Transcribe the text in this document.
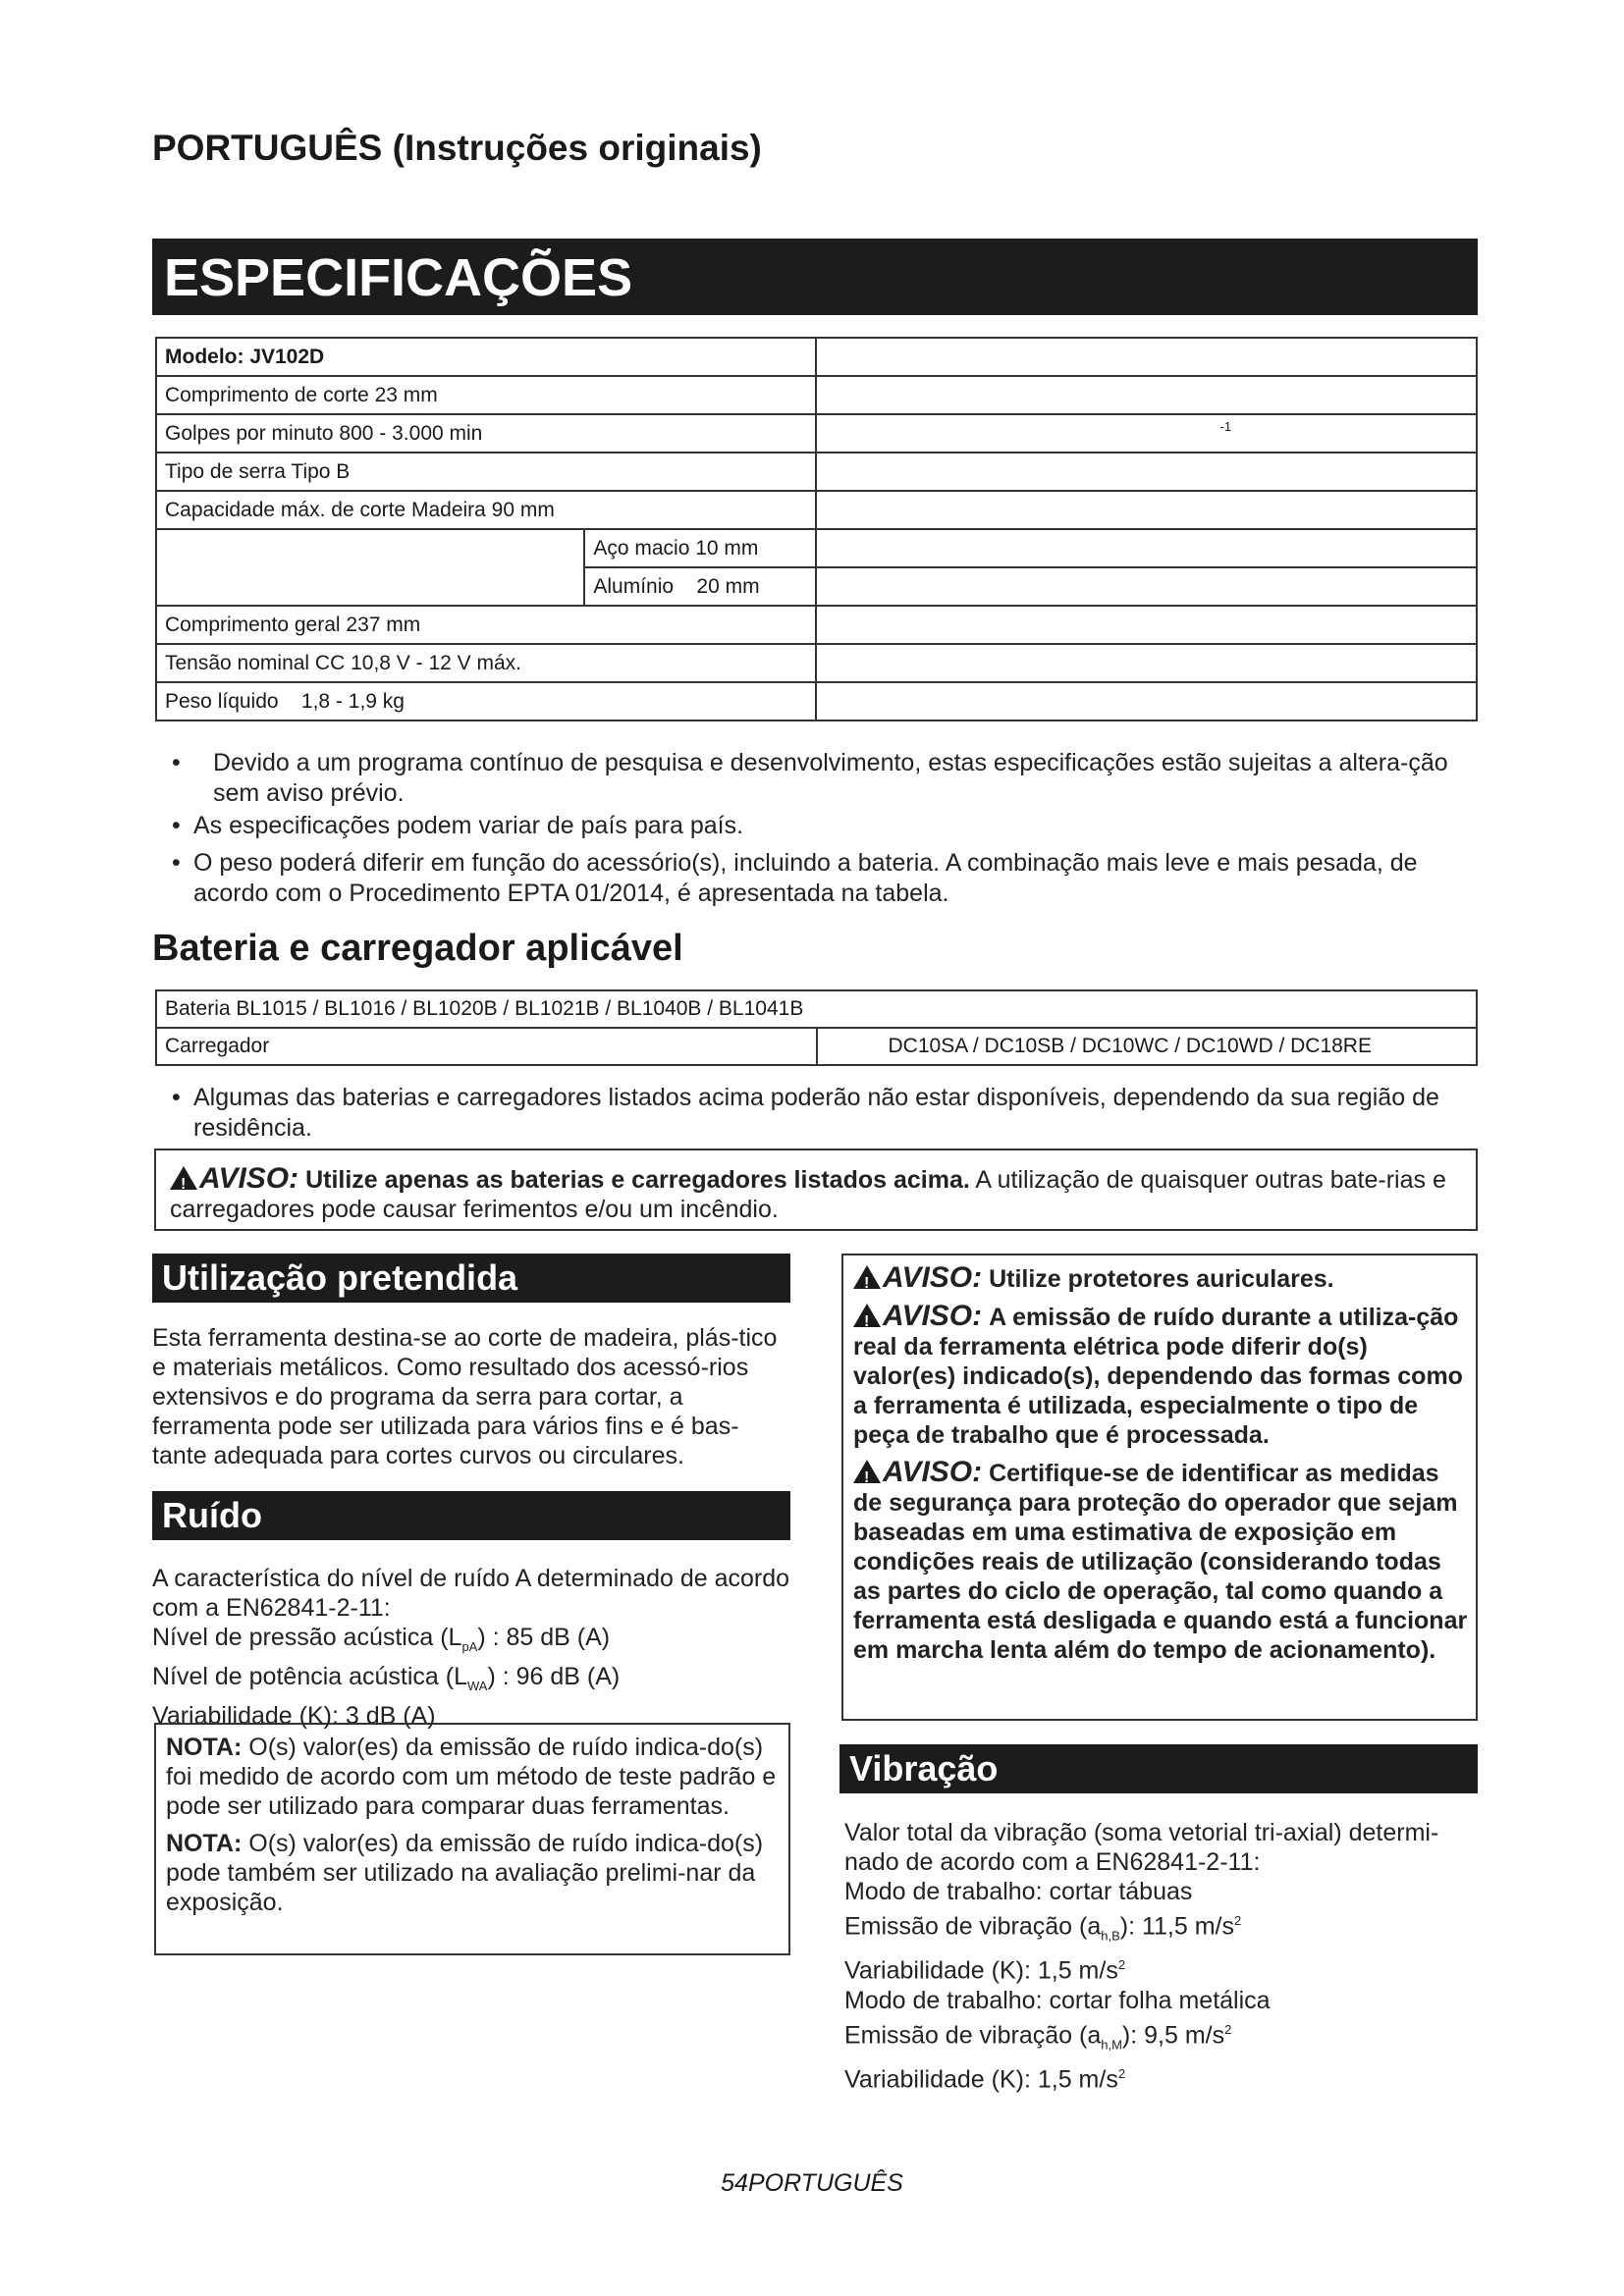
PORTUGUÊS (Instruções originais)
ESPECIFICAÇÕES
Modelo: JV102D		
Comprimento de corte 23 mm		
Golpes por minuto 800 - 3.000 min		-1

Tipo de serra Tipo B		
Capacidade máx. de corte Madeira 90 mm		
	Aço macio 10 mm	
	Alumínio    20 mm	
Comprimento geral 237 mm		
Tensão nominal CC 10,8 V - 12 V máx.		
Peso líquido    1,8 - 1,9 kg		
•	Devido a um programa contínuo de pesquisa e desenvolvimento, estas especificações estão sujeitas a altera-ção sem aviso prévio.
• As especificações podem variar de país para país.
• O peso poderá diferir em função do acessório(s), incluindo a bateria. A combinação mais leve e mais pesada, de acordo com o Procedimento EPTA 01/2014, é apresentada na tabela.
Bateria e carregador aplicável
Bateria BL1015 / BL1016 / BL1020B / BL1021B / BL1040B / BL1041B
Carregador	DC10SA / DC10SB / DC10WC / DC10WD / DC18RE
• Algumas das baterias e carregadores listados acima poderão não estar disponíveis, dependendo da sua região de residência.
!AVISO: Utilize apenas as baterias e carregadores listados acima. A utilização de quaisquer outras bate-rias e carregadores pode causar ferimentos e/ou um incêndio.
Utilização pretendida
Esta ferramenta destina-se ao corte de madeira, plás-tico e materiais metálicos. Como resultado dos acessó-rios extensivos e do programa da serra para cortar, a ferramenta pode ser utilizada para vários fins e é bas-tante adequada para cortes curvos ou circulares.
Ruído
A característica do nível de ruído A determinado de acordo com a EN62841-2-11:
Nível de pressão acústica $(L_{pA})$ : 85 dB (A)
Nível de potência acústica $(L_{WA})$ : 96 dB (A)
Variabilidade (K): 3 dB (A)
NOTA: O(s) valor(es) da emissão de ruído indica-do(s) foi medido de acordo com um método de teste padrão e pode ser utilizado para comparar duas ferramentas.
NOTA: O(s) valor(es) da emissão de ruído indica-do(s) pode também ser utilizado na avaliação prelimi-nar da exposição.
!AVISO: Utilize protetores auriculares.
!AVISO: A emissão de ruído durante a utiliza-ção real da ferramenta elétrica pode diferir do(s) valor(es) indicado(s), dependendo das formas como a ferramenta é utilizada, especialmente o tipo de peça de trabalho que é processada.
!AVISO: Certifique-se de identificar as medidas de segurança para proteção do operador que sejam baseadas em uma estimativa de exposição em condições reais de utilização (considerando todas as partes do ciclo de operação, tal como quando a ferramenta está desligada e quando está a funcionar em marcha lenta além do tempo de acionamento).
Vibração
Valor total da vibração (soma vetorial tri-axial) determi-nado de acordo com a EN62841-2-11:
Modo de trabalho: cortar tábuas
Emissão de vibração $(a_{h,B})$: 11,5 $m/s^2$
Variabilidade (K): 1,5 $m/s^2$
Modo de trabalho: cortar folha metálica
Emissão de vibração $(a_{h,M})$: 9,5 $m/s^2$
Variabilidade (K): 1,5 $m/s^2$
54PORTUGUÊS
